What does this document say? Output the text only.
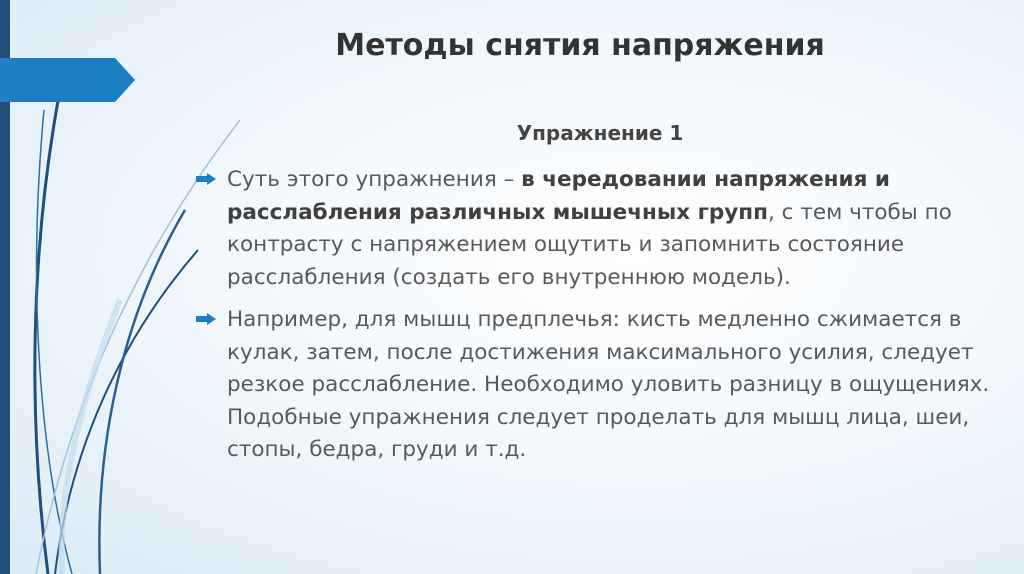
Методы снятия напряжения
Упражнение 1

Суть этого упражнения – в чередовании напряжения и расслабления различных мышечных групп, с тем чтобы по контрасту с напряжением ощутить и запомнить состояние расслабления (создать его внутреннюю модель).

Например, для мышц предплечья: кисть медленно сжимается в кулак, затем, после достижения максимального усилия, следует резкое расслабление. Необходимо уловить разницу в ощущениях. Подобные упражнения следует проделать для мышц лица, шеи, стопы, бедра, груди и т.д.
